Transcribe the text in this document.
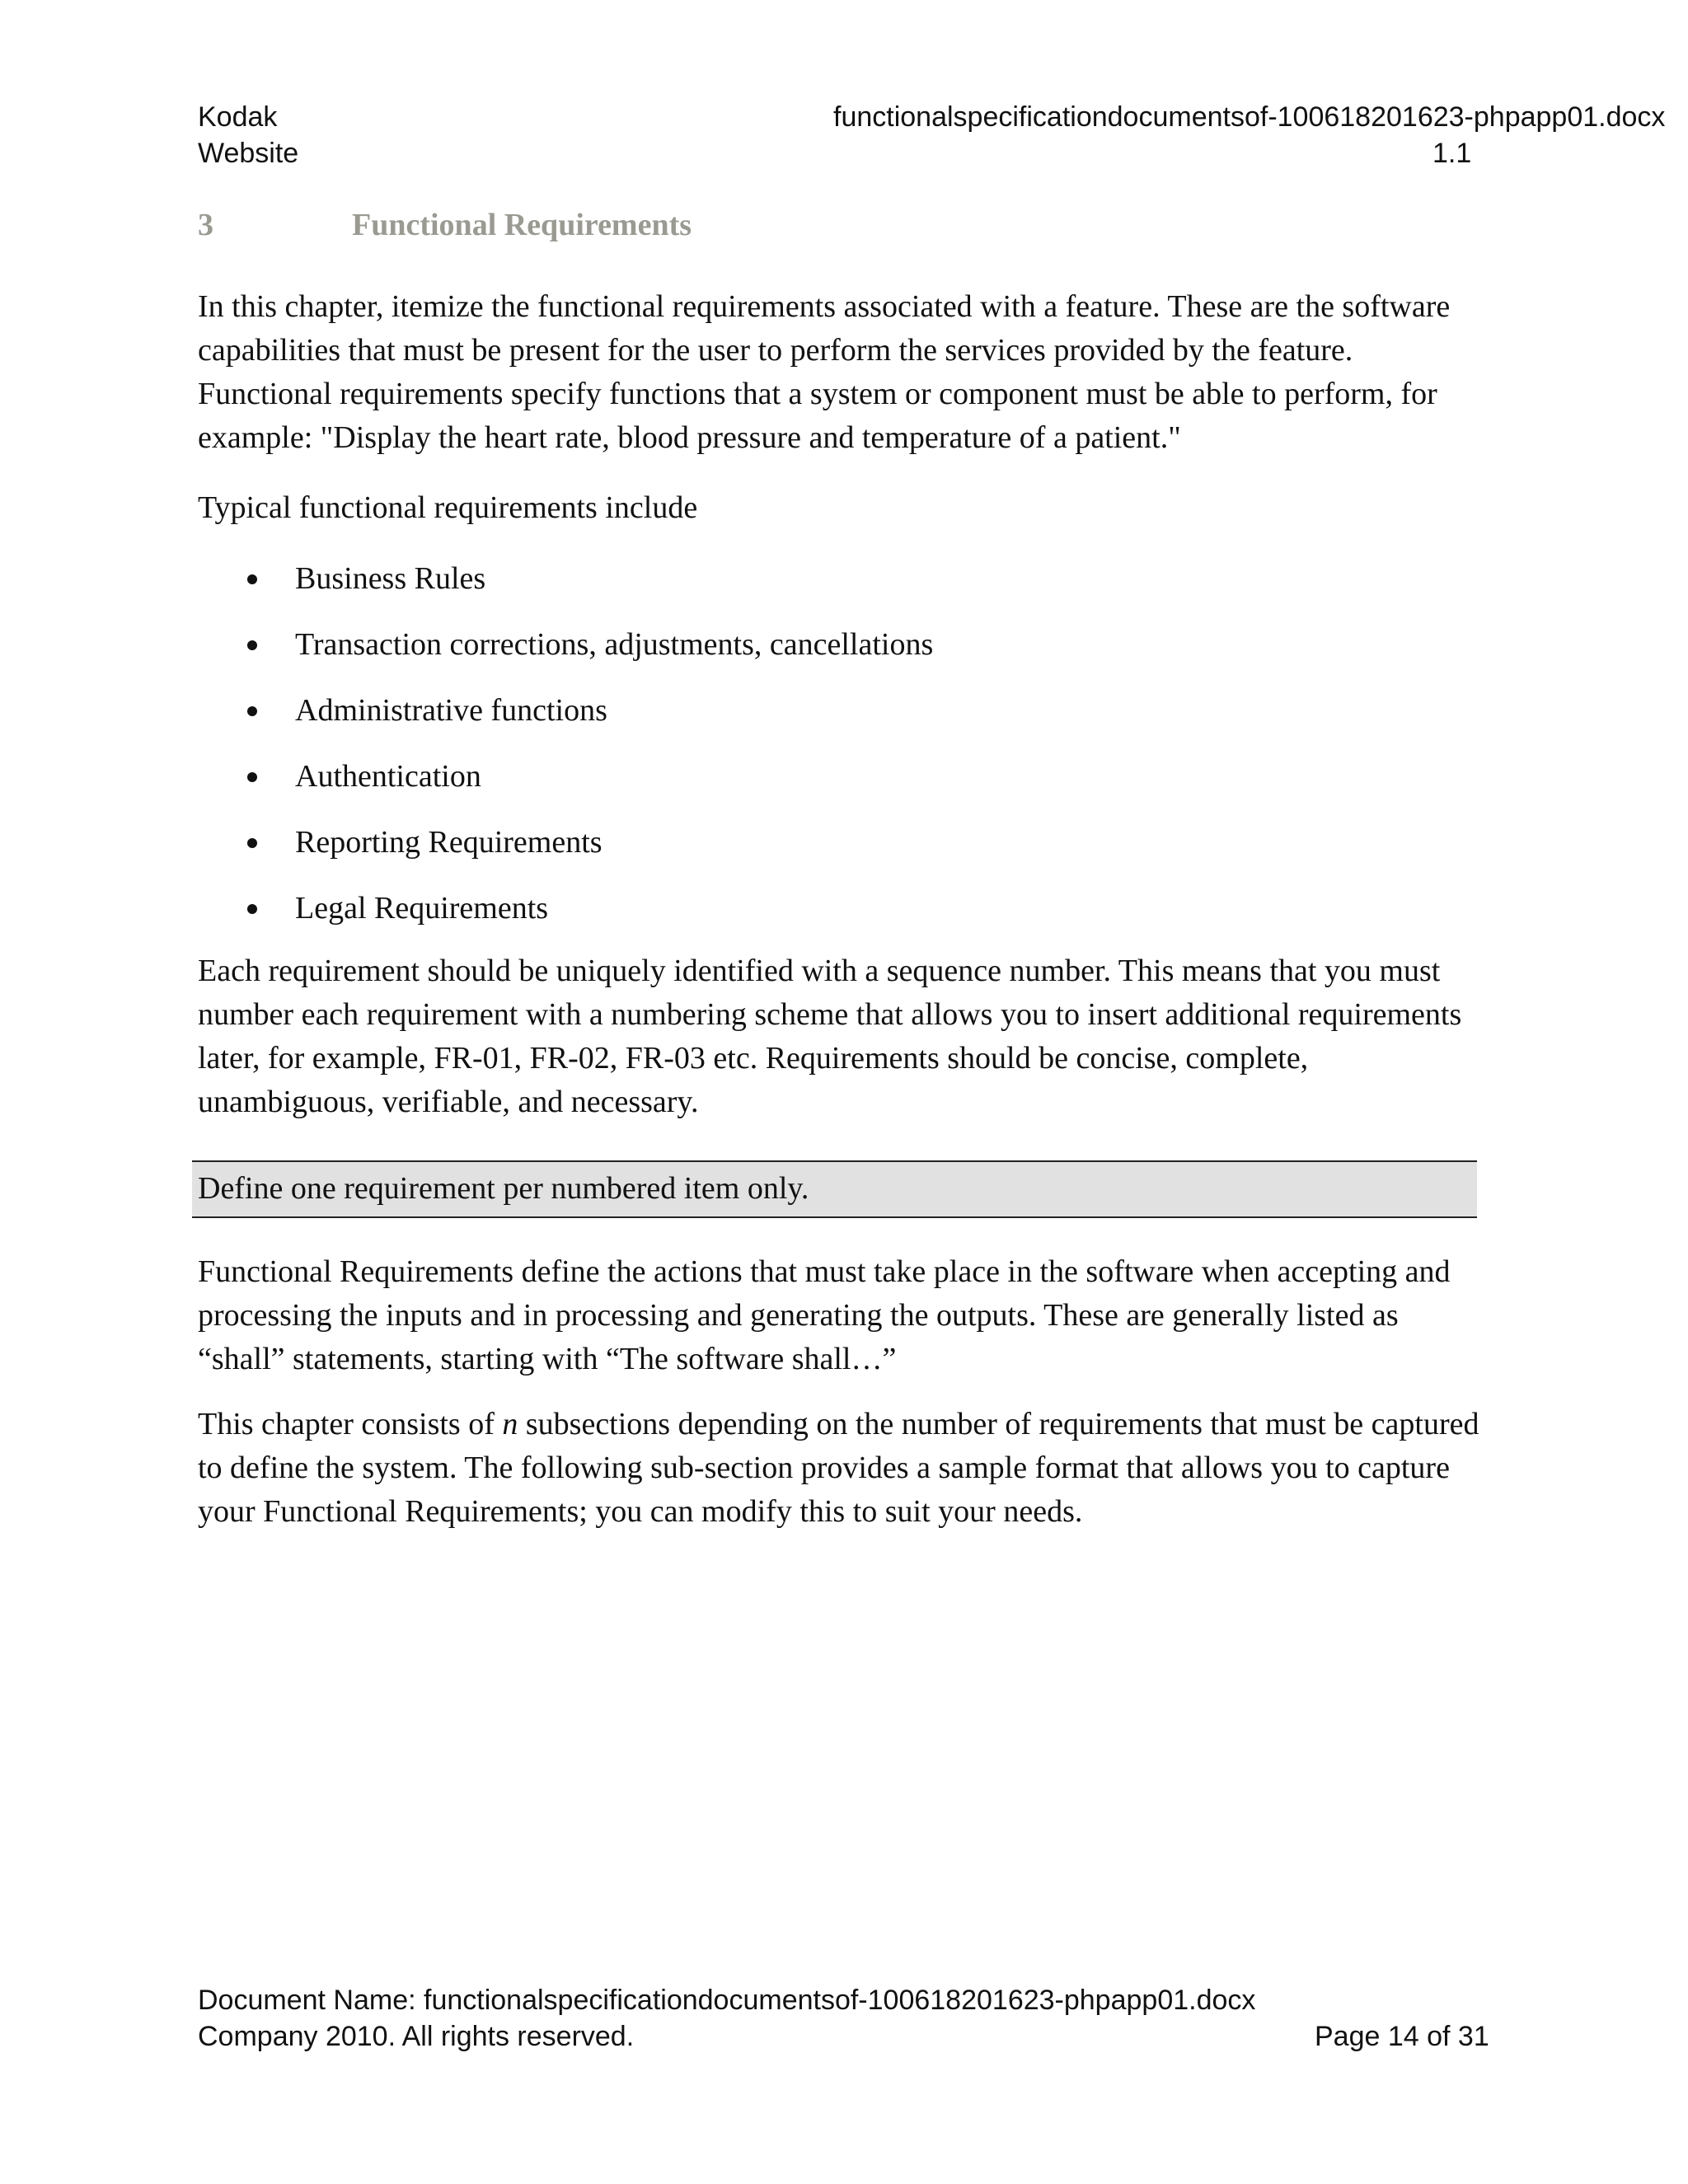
Kodak
Website
functionalspecificationdocumentsof-100618201623-phpapp01.docx
1.1
3	Functional Requirements
In this chapter, itemize the functional requirements associated with a feature. These are the software capabilities that must be present for the user to perform the services provided by the feature. Functional requirements specify functions that a system or component must be able to perform, for example: "Display the heart rate, blood pressure and temperature of a patient."
Typical functional requirements include
Business Rules
Transaction corrections, adjustments, cancellations
Administrative functions
Authentication
Reporting Requirements
Legal Requirements
Each requirement should be uniquely identified with a sequence number. This means that you must number each requirement with a numbering scheme that allows you to insert additional requirements later, for example, FR-01, FR-02, FR-03 etc. Requirements should be concise, complete, unambiguous, verifiable, and necessary.
Define one requirement per numbered item only.
Functional Requirements define the actions that must take place in the software when accepting and processing the inputs and in processing and generating the outputs. These are generally listed as “shall” statements, starting with “The software shall…”
This chapter consists of n subsections depending on the number of requirements that must be captured to define the system. The following sub-section provides a sample format that allows you to capture your Functional Requirements; you can modify this to suit your needs.
Document Name: functionalspecificationdocumentsof-100618201623-phpapp01.docx
Company 2010. All rights reserved.	Page 14 of 31
